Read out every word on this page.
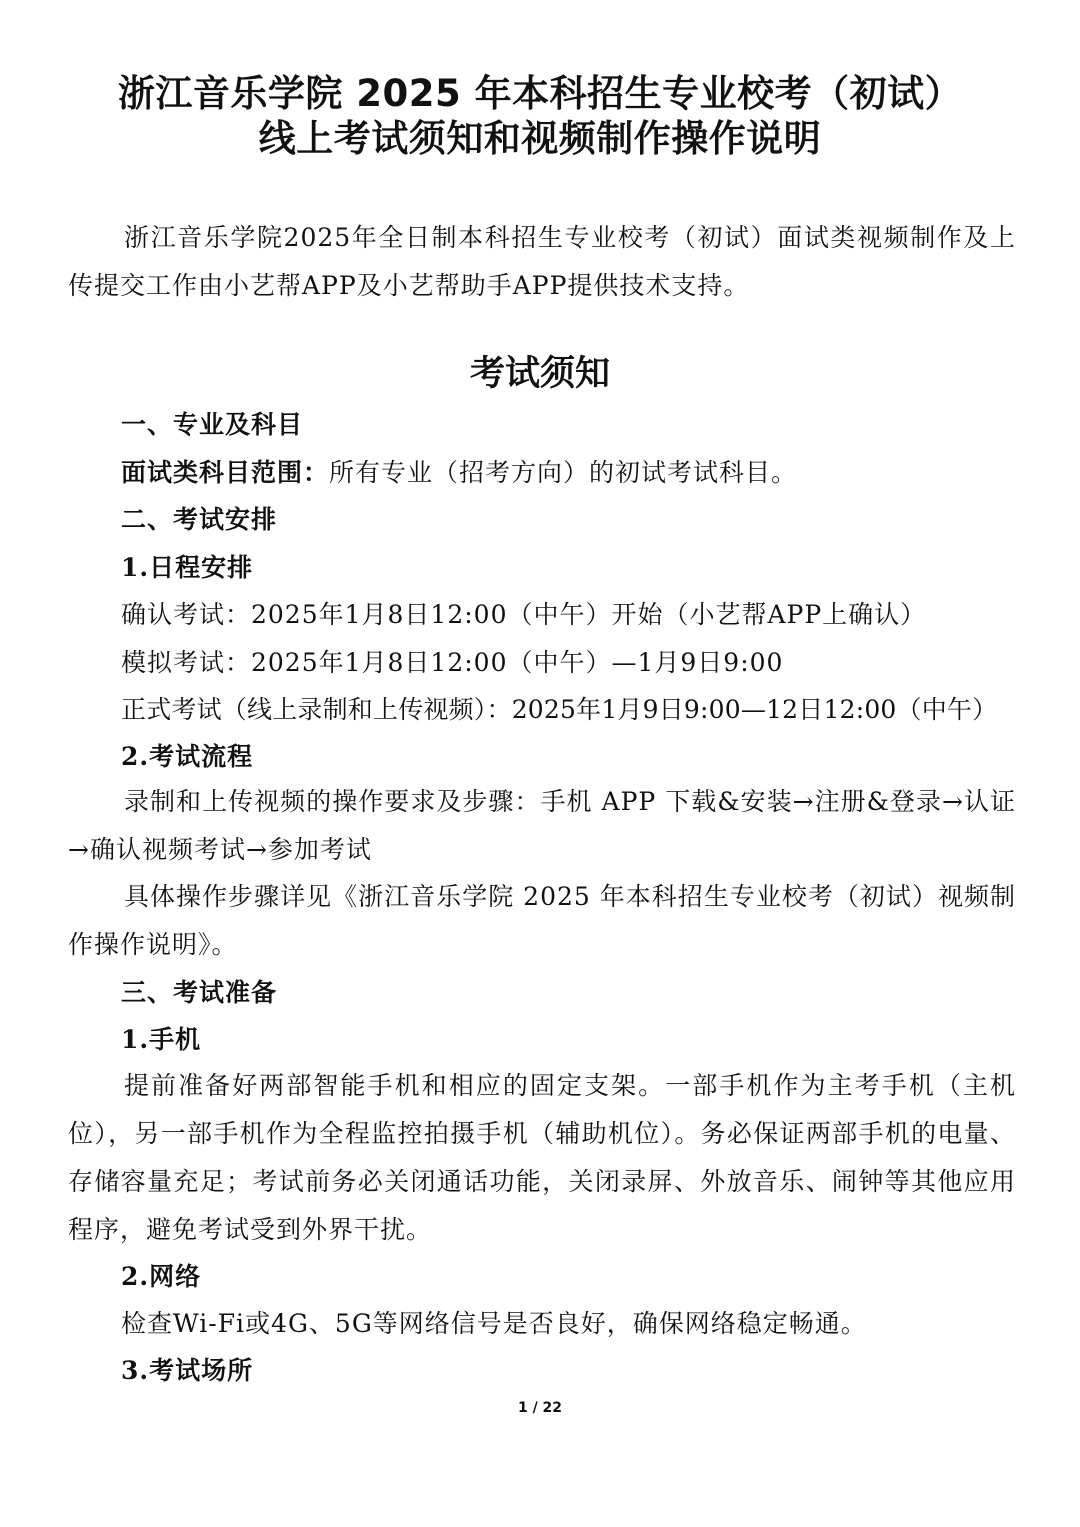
浙江音乐学院 2025 年本科招生专业校考（初试）
线上考试须知和视频制作操作说明

浙江音乐学院2025年全日制本科招生专业校考（初试）面试类视频制作及上传提交工作由小艺帮APP及小艺帮助手APP提供技术支持。

考试须知

一、专业及科目

面试类科目范围：所有专业（招考方向）的初试考试科目。

二、考试安排

1.日程安排

确认考试：2025年1月8日12:00（中午）开始（小艺帮APP上确认）

模拟考试：2025年1月8日12:00（中午）—1月9日9:00

正式考试（线上录制和上传视频）：2025年1月9日9:00—12日12:00（中午）

2.考试流程

录制和上传视频的操作要求及步骤：手机 APP 下载&安装→注册&登录→认证→确认视频考试→参加考试

具体操作步骤详见《浙江音乐学院 2025 年本科招生专业校考（初试）视频制作操作说明》。

三、考试准备

1.手机

提前准备好两部智能手机和相应的固定支架。一部手机作为主考手机（主机位），另一部手机作为全程监控拍摄手机（辅助机位）。务必保证两部手机的电量、存储容量充足；考试前务必关闭通话功能，关闭录屏、外放音乐、闹钟等其他应用程序，避免考试受到外界干扰。

2.网络

检查Wi-Fi或4G、5G等网络信号是否良好，确保网络稳定畅通。

3.考试场所

1 / 22
